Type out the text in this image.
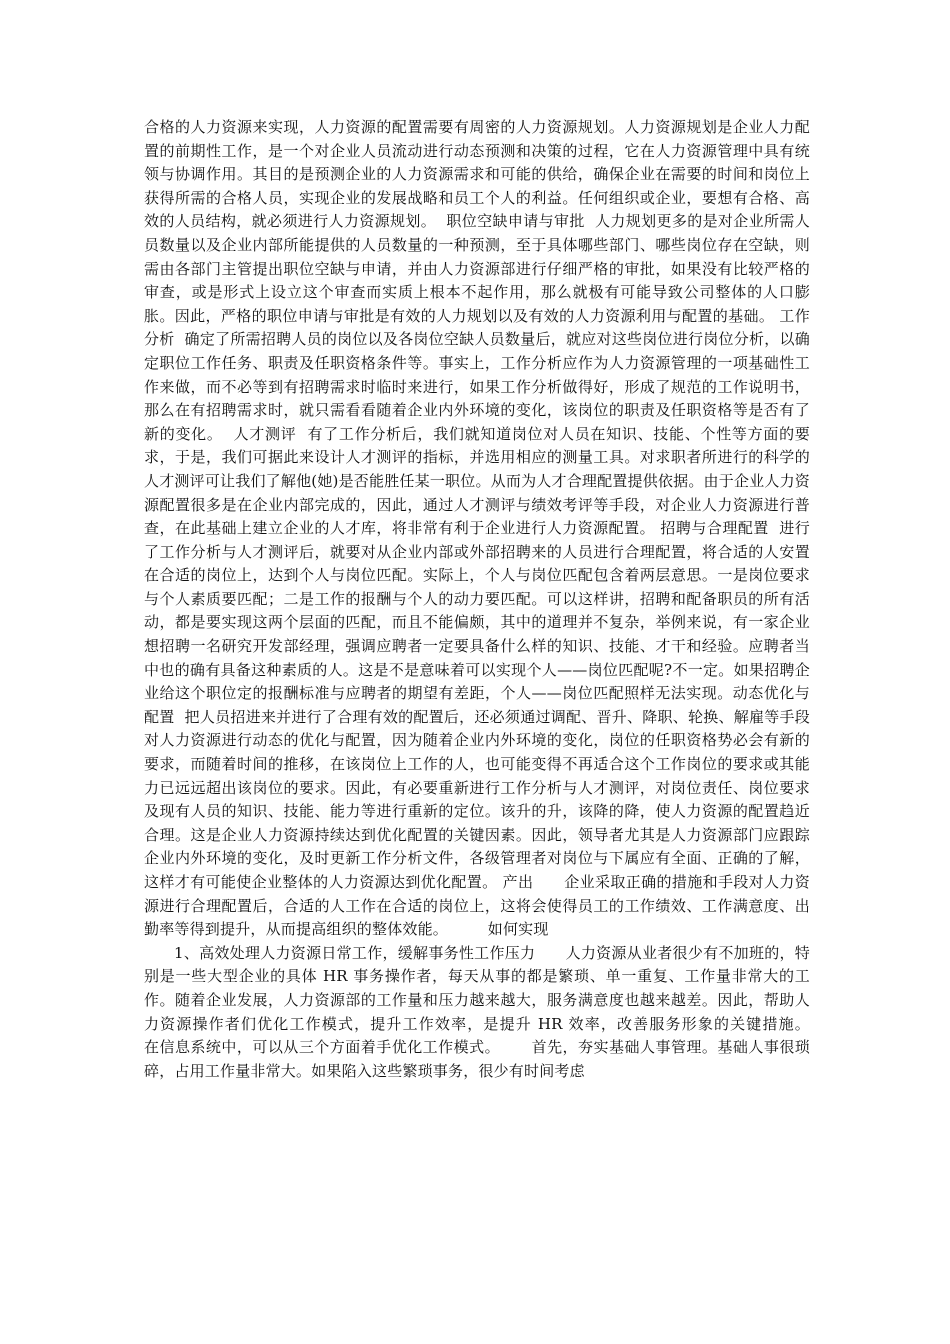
合格的人力资源来实现，人力资源的配置需要有周密的人力资源规划。人力资源规划是企业人力配置的前期性工作，是一个对企业人员流动进行动态预测和决策的过程，它在人力资源管理中具有统领与协调作用。其目的是预测企业的人力资源需求和可能的供给，确保企业在需要的时间和岗位上获得所需的合格人员，实现企业的发展战略和员工个人的利益。任何组织或企业，要想有合格、高效的人员结构，就必须进行人力资源规划。  职位空缺申请与审批  人力规划更多的是对企业所需人员数量以及企业内部所能提供的人员数量的一种预测，至于具体哪些部门、哪些岗位存在空缺，则需由各部门主管提出职位空缺与申请，并由人力资源部进行仔细严格的审批，如果没有比较严格的审查，或是形式上设立这个审查而实质上根本不起作用，那么就极有可能导致公司整体的人口膨胀。因此，严格的职位申请与审批是有效的人力规划以及有效的人力资源利用与配置的基础。 工作分析  确定了所需招聘人员的岗位以及各岗位空缺人员数量后，就应对这些岗位进行岗位分析，以确定职位工作任务、职责及任职资格条件等。事实上，工作分析应作为人力资源管理的一项基础性工作来做，而不必等到有招聘需求时临时来进行，如果工作分析做得好，形成了规范的工作说明书，那么在有招聘需求时，就只需看看随着企业内外环境的变化，该岗位的职责及任职资格等是否有了新的变化。  人才测评  有了工作分析后，我们就知道岗位对人员在知识、技能、个性等方面的要求，于是，我们可据此来设计人才测评的指标，并选用相应的测量工具。对求职者所进行的科学的人才测评可让我们了解他(她)是否能胜任某一职位。从而为人才合理配置提供依据。由于企业人力资源配置很多是在企业内部完成的，因此，通过人才测评与绩效考评等手段，对企业人力资源进行普查，在此基础上建立企业的人才库，将非常有利于企业进行人力资源配置。 招聘与合理配置  进行了工作分析与人才测评后，就要对从企业内部或外部招聘来的人员进行合理配置，将合适的人安置在合适的岗位上，达到个人与岗位匹配。实际上，个人与岗位匹配包含着两层意思。一是岗位要求与个人素质要匹配；二是工作的报酬与个人的动力要匹配。可以这样讲，招聘和配备职员的所有活动，都是要实现这两个层面的匹配，而且不能偏颇，其中的道理并不复杂，举例来说，有一家企业想招聘一名研究开发部经理，强调应聘者一定要具备什么样的知识、技能、才干和经验。应聘者当中也的确有具备这种素质的人。这是不是意味着可以实现个人——岗位匹配呢?不一定。如果招聘企业给这个职位定的报酬标准与应聘者的期望有差距，个人——岗位匹配照样无法实现。动态优化与配置  把人员招进来并进行了合理有效的配置后，还必须通过调配、晋升、降职、轮换、解雇等手段对人力资源进行动态的优化与配置，因为随着企业内外环境的变化，岗位的任职资格势必会有新的要求，而随着时间的推移，在该岗位上工作的人，也可能变得不再适合这个工作岗位的要求或其能力已远远超出该岗位的要求。因此，有必要重新进行工作分析与人才测评，对岗位责任、岗位要求及现有人员的知识、技能、能力等进行重新的定位。该升的升，该降的降，使人力资源的配置趋近合理。这是企业人力资源持续达到优化配置的关键因素。因此，领导者尤其是人力资源部门应跟踪企业内外环境的变化，及时更新工作分析文件，各级管理者对岗位与下属应有全面、正确的了解，这样才有可能使企业整体的人力资源达到优化配置。 产出      企业采取正确的措施和手段对人力资源进行合理配置后，合适的人工作在合适的岗位上，这将会使得员工的工作绩效、工作满意度、出勤率等得到提升，从而提高组织的整体效能。        如何实现

1、高效处理人力资源日常工作，缓解事务性工作压力      人力资源从业者很少有不加班的，特别是一些大型企业的具体 HR 事务操作者，每天从事的都是繁琐、单一重复、工作量非常大的工作。随着企业发展，人力资源部的工作量和压力越来越大，服务满意度也越来越差。因此，帮助人力资源操作者们优化工作模式，提升工作效率，是提升 HR 效率，改善服务形象的关键措施。      在信息系统中，可以从三个方面着手优化工作模式。      首先，夯实基础人事管理。基础人事很琐碎，占用工作量非常大。如果陷入这些繁琐事务，很少有时间考虑
